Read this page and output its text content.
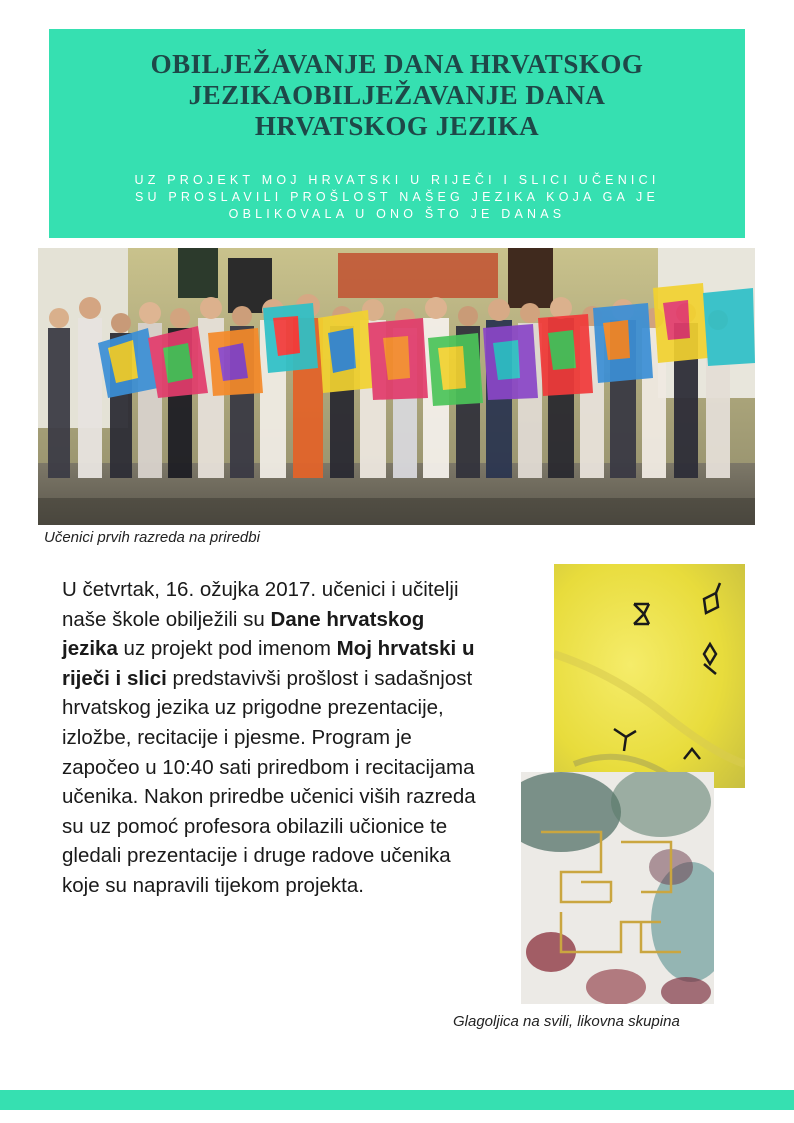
OBILJEŽAVANJE DANA HRVATSKOG
JEZIKAOBILJEŽAVANJE DANA
HRVATSKOG JEZIKA

UZ PROJEKT MOJ HRVATSKI U RIJEČI I SLICI UČENICI
SU PROSLAVILI PROŠLOST NAŠEG JEZIKA KOJA GA JE
OBLIKOVALA U ONO ŠTO JE DANAS

Učenici prvih razreda na priredbi

U četvrtak, 16. ožujka 2017. učenici i učitelji naše škole obilježili su Dane hrvatskog jezika uz projekt pod imenom Moj hrvatski u riječi i slici predstavivši prošlost i sadašnjost hrvatskog jezika uz prigodne prezentacije, izložbe, recitacije i pjesme. Program je započeo u 10:40 sati priredbom i recitacijama učenika. Nakon priredbe učenici viših razreda su uz pomoć profesora obilazili učionice te gledali prezentacije i druge radove učenika koje su napravili tijekom projekta.

Glagoljica na svili, likovna skupina
